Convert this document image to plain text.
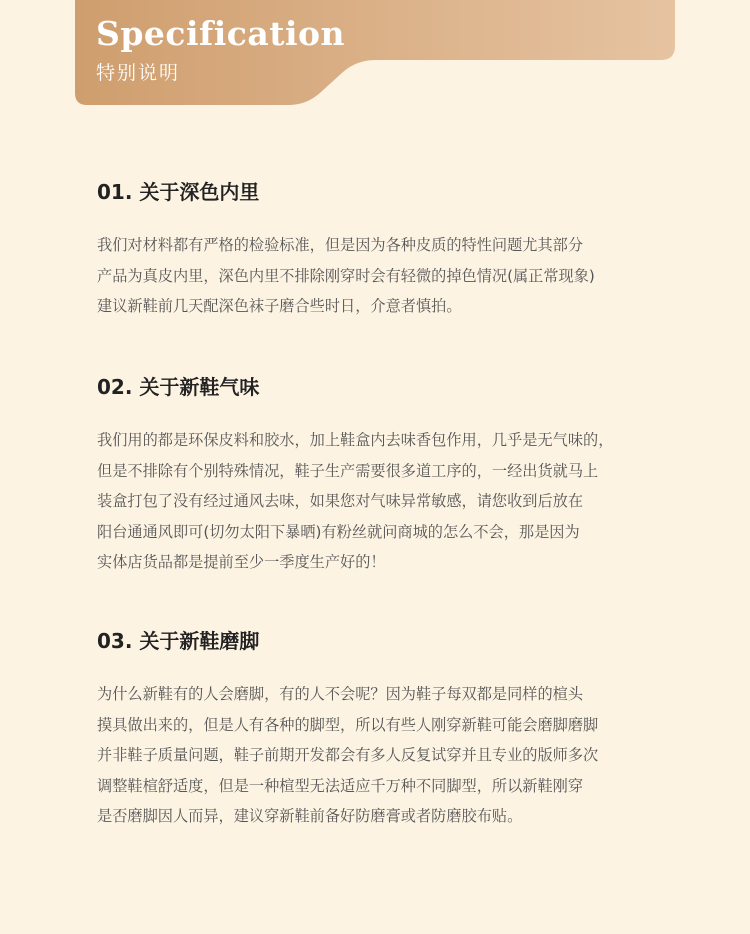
Specification

特别说明

01. 关于深色内里

我们对材料都有严格的检验标准，但是因为各种皮质的特性问题尤其部分
产品为真皮内里，深色内里不排除刚穿时会有轻微的掉色情况(属正常现象)
建议新鞋前几天配深色袜子磨合些时日，介意者慎拍。

02. 关于新鞋气味

我们用的都是环保皮料和胶水，加上鞋盒内去味香包作用，几乎是无气味的，
但是不排除有个别特殊情况，鞋子生产需要很多道工序的，一经出货就马上
装盒打包了没有经过通风去味，如果您对气味异常敏感，请您收到后放在
阳台通通风即可(切勿太阳下暴晒)有粉丝就问商城的怎么不会，那是因为
实体店货品都是提前至少一季度生产好的！

03. 关于新鞋磨脚

为什么新鞋有的人会磨脚，有的人不会呢？因为鞋子每双都是同样的楦头
摸具做出来的，但是人有各种的脚型，所以有些人刚穿新鞋可能会磨脚磨脚
并非鞋子质量问题，鞋子前期开发都会有多人反复试穿并且专业的版师多次
调整鞋楦舒适度，但是一种楦型无法适应千万种不同脚型，所以新鞋刚穿
是否磨脚因人而异，建议穿新鞋前备好防磨膏或者防磨胶布贴。
